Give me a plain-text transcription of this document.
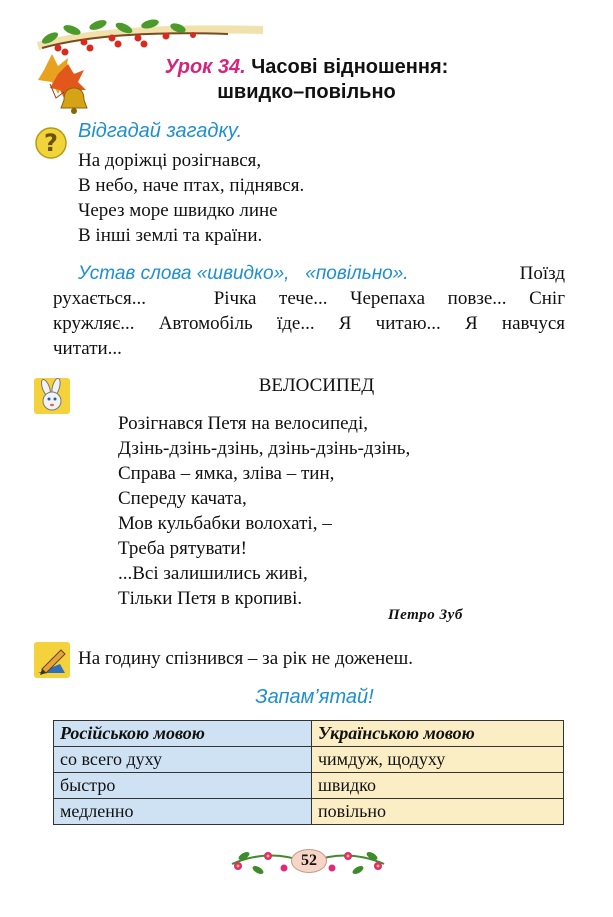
Урок 34. Часові відношення:
швидко–повільно
? Відгадай загадку.
На доріжці розігнався,
В небо, наче птах, піднявся.
Через море швидко лине
В інші землі та країни.
Устав слова «швидко»,   «повільно».	Поїзд
рухається...   Річка тече... Черепаха повзе... Сніг
кружляє... Автомобіль їде... Я читаю... Я навчуся
читати...
ВЕЛОСИПЕД
Розігнався Петя на велосипеді,
Дзінь-дзінь-дзінь, дзінь-дзінь-дзінь,
Справа – ямка, зліва – тин,
Спереду качата,
Мов кульбабки волохаті, –
Треба рятувати!
...Всі залишились живі,
Тільки Петя в кропиві.
Петро Зуб
На годину спізнився – за рік не доженеш.
Запам’ятай!
Російською мовою	Українською мовою
со всего духу	чимдуж, щодуху
быстро	швидко
медленно	повільно
52
